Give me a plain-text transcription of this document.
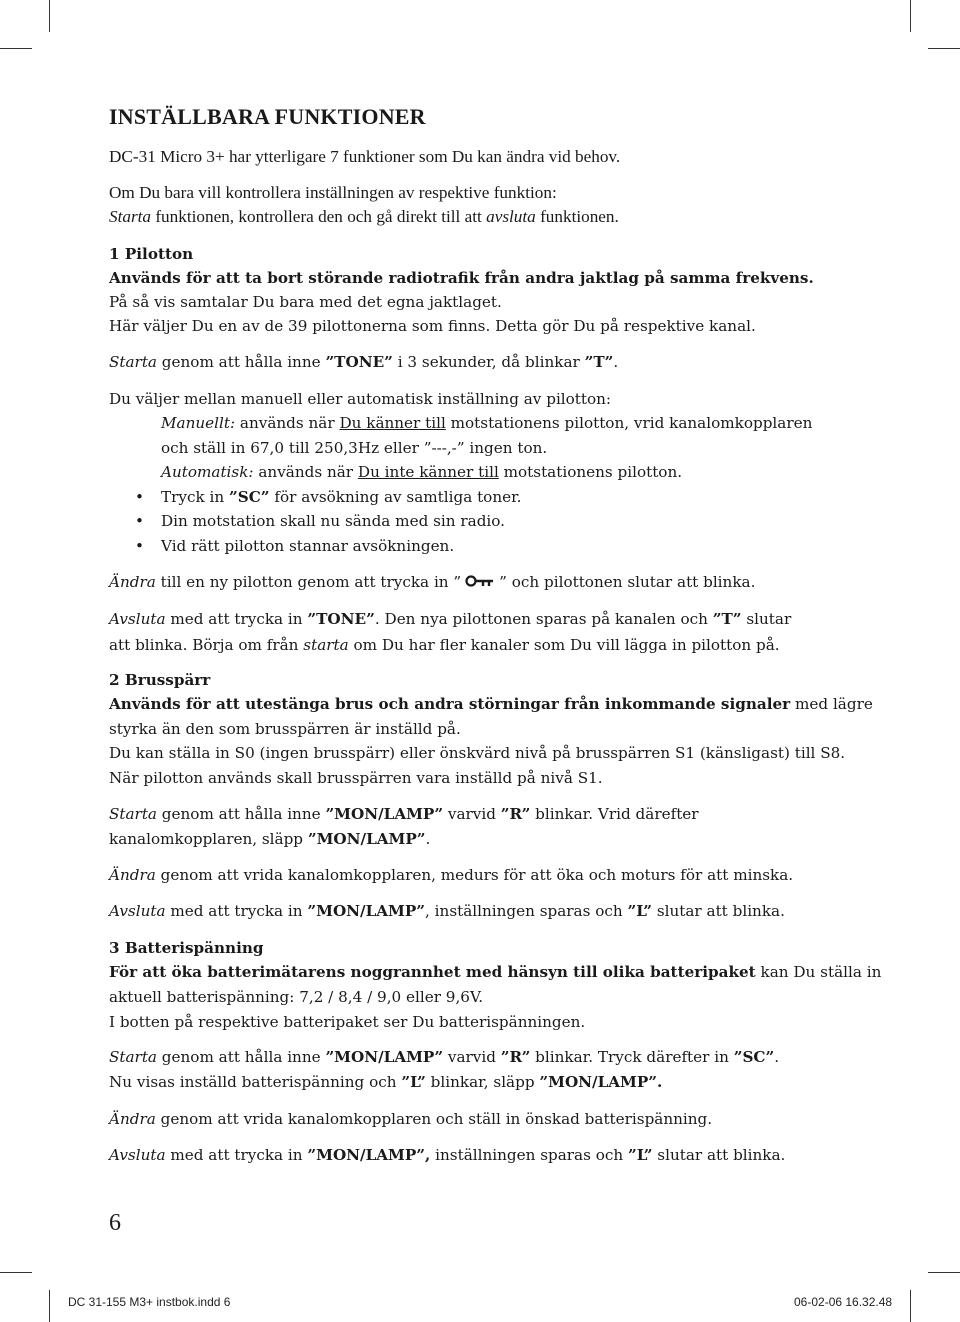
INSTÄLLBARA FUNKTIONER
DC-31 Micro 3+ har ytterligare 7 funktioner som Du kan ändra vid behov.
Om Du bara vill kontrollera inställningen av respektive funktion:
Starta funktionen, kontrollera den och gå direkt till att avsluta funktionen.
1 Pilotton
Används för att ta bort störande radiotrafik från andra jaktlag på samma frekvens.
På så vis samtalar Du bara med det egna jaktlaget.
Här väljer Du en av de 39 pilottonerna som finns. Detta gör Du på respektive kanal.
Starta genom att hålla inne ”TONE” i 3 sekunder, då blinkar ”T”.
Du väljer mellan manuell eller automatisk inställning av pilotton:
Manuellt: används när Du känner till motstationens pilotton, vrid kanalomkopplaren
och ställ in 67,0 till 250,3Hz eller ”---,-” ingen ton.
Automatisk: används när Du inte känner till motstationens pilotton.
• Tryck in ”SC” för avsökning av samtliga toner.
• Din motstation skall nu sända med sin radio.
• Vid rätt pilotton stannar avsökningen.
Ändra till en ny pilotton genom att trycka in ”	” och pilottonen slutar att blinka.
Avsluta med att trycka in ”TONE”. Den nya pilottonen sparas på kanalen och ”T” slutar
att blinka. Börja om från starta om Du har fler kanaler som Du vill lägga in pilotton på.
2 Brusspärr
Används för att utestänga brus och andra störningar från inkommande signaler med lägre
styrka än den som brusspärren är inställd på.
Du kan ställa in S0 (ingen brusspärr) eller önskvärd nivå på brusspärren S1 (känsligast) till S8.
När pilotton används skall brusspärren vara inställd på nivå S1.
Starta genom att hålla inne ”MON/LAMP” varvid ”R” blinkar. Vrid därefter
kanalomkopplaren, släpp ”MON/LAMP”.
Ändra genom att vrida kanalomkopplaren, medurs för att öka och moturs för att minska.
Avsluta med att trycka in ”MON/LAMP”, inställningen sparas och ”L” slutar att blinka.
3 Batterispänning
För att öka batterimätarens noggrannhet med hänsyn till olika batteripaket kan Du ställa in
aktuell batterispänning: 7,2 / 8,4 / 9,0 eller 9,6V.
I botten på respektive batteripaket ser Du batterispänningen.
Starta genom att hålla inne ”MON/LAMP” varvid ”R” blinkar. Tryck därefter in ”SC”.
Nu visas inställd batterispänning och ”L” blinkar, släpp ”MON/LAMP”.
Ändra genom att vrida kanalomkopplaren och ställ in önskad batterispänning.
Avsluta med att trycka in ”MON/LAMP”, inställningen sparas och ”L” slutar att blinka.
6
DC 31-155 M3+ instbok.indd 6	06-02-06 16.32.48
